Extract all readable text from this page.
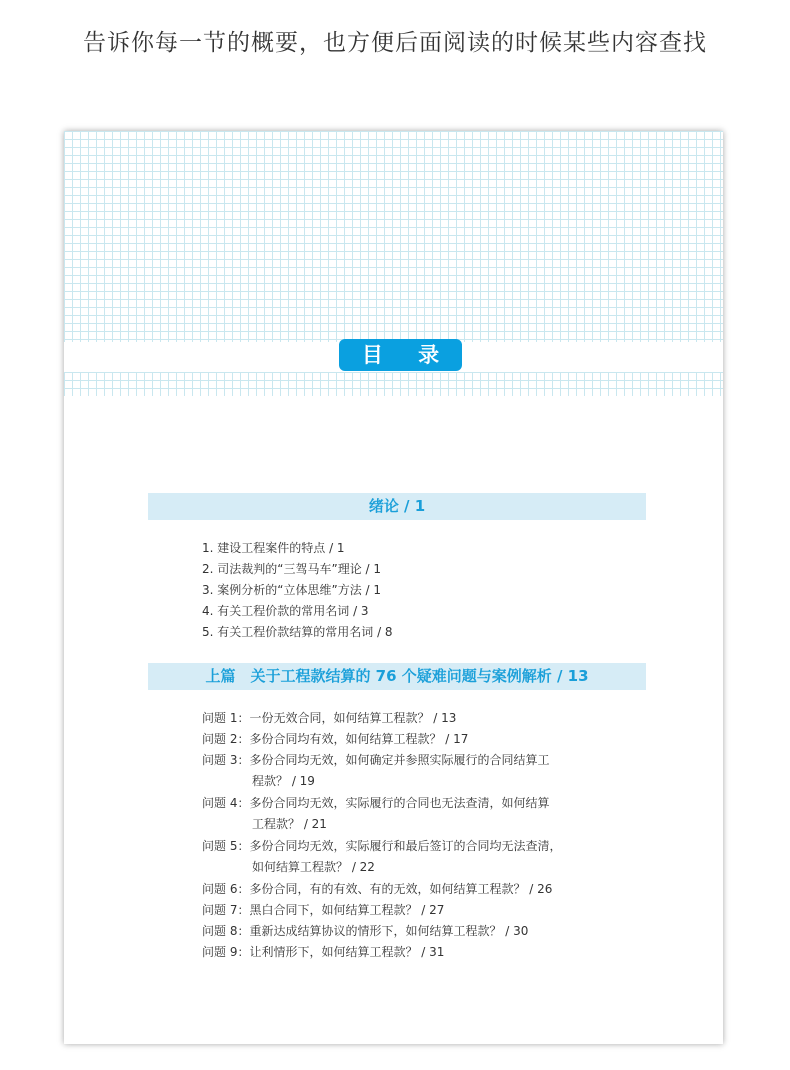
告诉你每一节的概要，也方便后面阅读的时候某些内容查找
目 录
绪论 / 1
1. 建设工程案件的特点 / 1
2. 司法裁判的“三驾马车”理论 / 1
3. 案例分析的“立体思维”方法 / 1
4. 有关工程价款的常用名词 / 3
5. 有关工程价款结算的常用名词 / 8
上篇　关于工程款结算的 76 个疑难问题与案例解析 / 13
问题 1：一份无效合同，如何结算工程款？ / 13
问题 2：多份合同均有效，如何结算工程款？ / 17
问题 3：多份合同均无效，如何确定并参照实际履行的合同结算工
程款？ / 19
问题 4：多份合同均无效，实际履行的合同也无法查清，如何结算
工程款？ / 21
问题 5：多份合同均无效，实际履行和最后签订的合同均无法查清，
如何结算工程款？ / 22
问题 6：多份合同，有的有效、有的无效，如何结算工程款？ / 26
问题 7：黑白合同下，如何结算工程款？ / 27
问题 8：重新达成结算协议的情形下，如何结算工程款？ / 30
问题 9：让利情形下，如何结算工程款？ / 31
